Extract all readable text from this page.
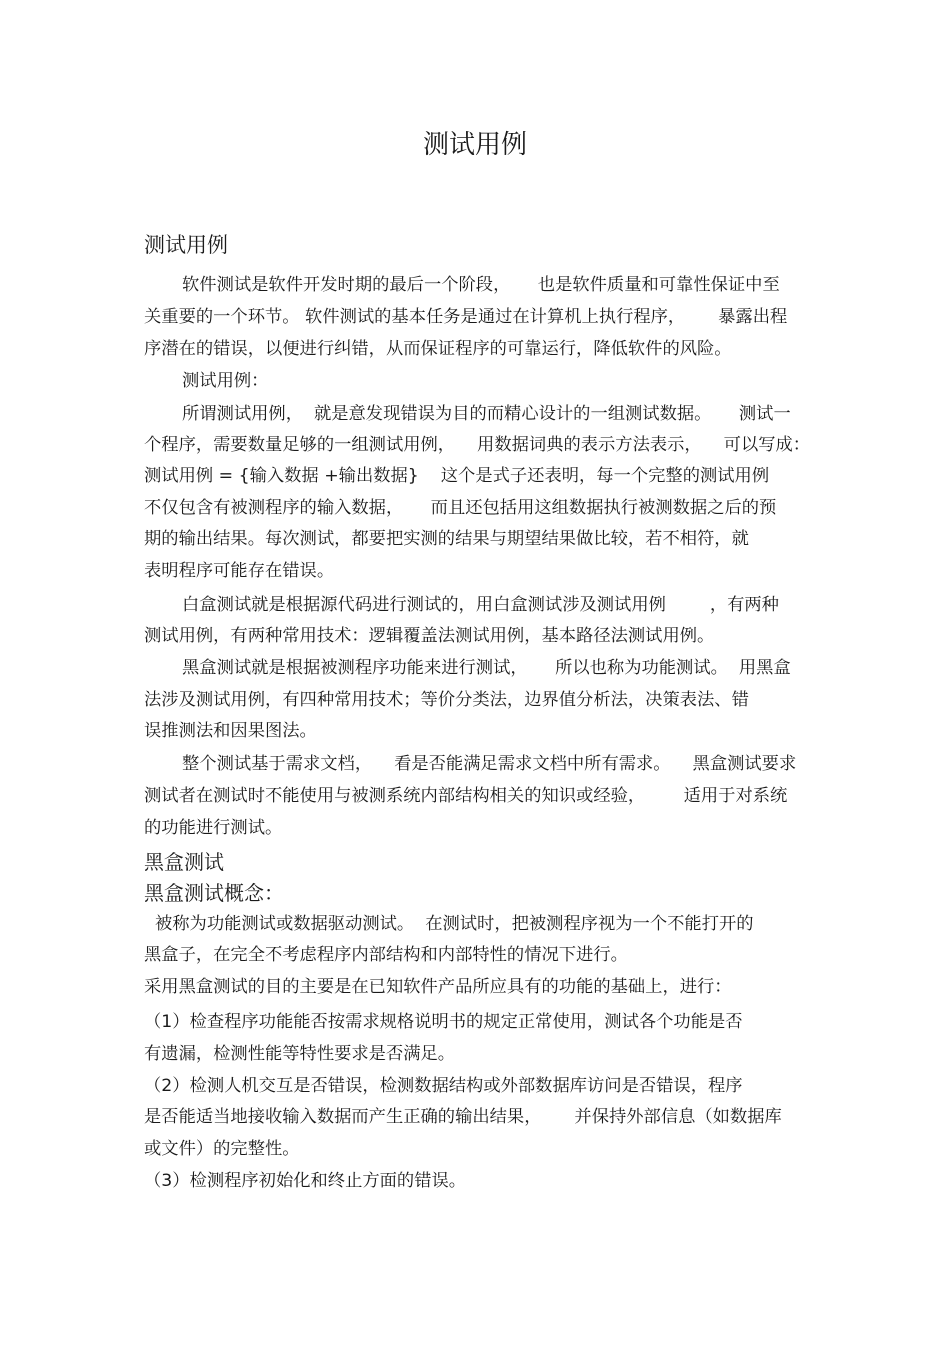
测试用例
测试用例
软件测试是软件开发时期的最后一个阶段，     也是软件质量和可靠性保证中至
关重要的一个环节。 软件测试的基本任务是通过在计算机上执行程序，      暴露出程
序潜在的错误，以便进行纠错，从而保证程序的可靠运行，降低软件的风险。
测试用例：
所谓测试用例，  就是意发现错误为目的而精心设计的一组测试数据。     测试一
个程序，需要数量足够的一组测试用例，    用数据词典的表示方法表示，    可以写成：
测试用例 = {输入数据 +输出数据}    这个是式子还表明，每一个完整的测试用例
不仅包含有被测程序的输入数据，     而且还包括用这组数据执行被测数据之后的预
期的输出结果。每次测试，都要把实测的结果与期望结果做比较，若不相符，就
表明程序可能存在错误。
白盒测试就是根据源代码进行测试的，用白盒测试涉及测试用例        ，有两种
测试用例，有两种常用技术：逻辑覆盖法测试用例，基本路径法测试用例。
黑盒测试就是根据被测程序功能来进行测试，     所以也称为功能测试。  用黑盒
法涉及测试用例，有四种常用技术；等价分类法，边界值分析法，决策表法、错
误推测法和因果图法。
整个测试基于需求文档，    看是否能满足需求文档中所有需求。    黑盒测试要求
测试者在测试时不能使用与被测系统内部结构相关的知识或经验，       适用于对系统
的功能进行测试。
黑盒测试
黑盒测试概念：
被称为功能测试或数据驱动测试。  在测试时，把被测程序视为一个不能打开的
黑盒子，在完全不考虑程序内部结构和内部特性的情况下进行。
采用黑盒测试的目的主要是在已知软件产品所应具有的功能的基础上，进行：
（1）检查程序功能能否按需求规格说明书的规定正常使用，测试各个功能是否
有遗漏，检测性能等特性要求是否满足。
（2）检测人机交互是否错误，检测数据结构或外部数据库访问是否错误，程序
是否能适当地接收输入数据而产生正确的输出结果，      并保持外部信息（如数据库
或文件）的完整性。
（3）检测程序初始化和终止方面的错误。
